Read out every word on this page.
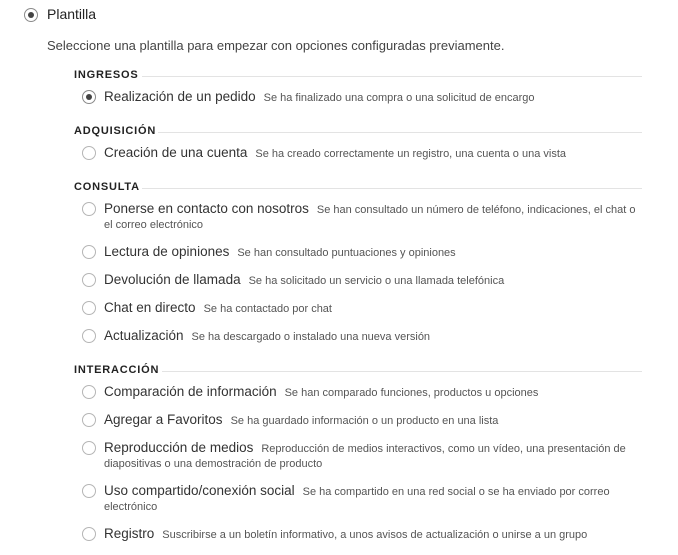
Plantilla
Seleccione una plantilla para empezar con opciones configuradas previamente.
INGRESOS
Realización de un pedido Se ha finalizado una compra o una solicitud de encargo
ADQUISICIÓN
Creación de una cuenta Se ha creado correctamente un registro, una cuenta o una vista
CONSULTA
Ponerse en contacto con nosotros Se han consultado un número de teléfono, indicaciones, el chat o el correo electrónico
Lectura de opiniones Se han consultado puntuaciones y opiniones
Devolución de llamada Se ha solicitado un servicio o una llamada telefónica
Chat en directo Se ha contactado por chat
Actualización Se ha descargado o instalado una nueva versión
INTERACCIÓN
Comparación de información Se han comparado funciones, productos u opciones
Agregar a Favoritos Se ha guardado información o un producto en una lista
Reproducción de medios Reproducción de medios interactivos, como un vídeo, una presentación de diapositivas o una demostración de producto
Uso compartido/conexión social Se ha compartido en una red social o se ha enviado por correo electrónico
Registro Suscribirse a un boletín informativo, a unos avisos de actualización o unirse a un grupo
